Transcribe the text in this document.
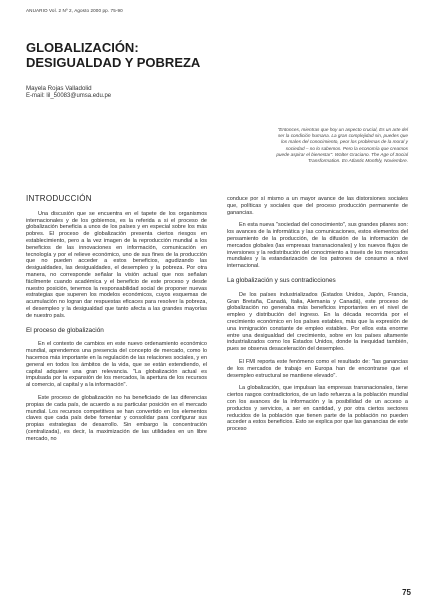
ANUARIO Vol. 2 Nº 2, Agosto 2000 pp. 75-90
GLOBALIZACIÓN:
DESIGUALDAD Y POBREZA
Mayela Rojas Valladolid
E-mail: lil_50083@umsa.edu.pe
"Entonces, mientras que hoy un aspecto crucial, Es un arte del ser la condición humana. La gran complejidad sin, puedes que los males del conocimiento, peor los problemas de la moral y sociedad – no lo sabemos. Pero la economía que creamos puede aspirar el bienestar". Walter Graciano. The Age of Social Transformation. En Atlantic Monthly, Noviembre.
INTRODUCCIÓN

Una discusión que se encuentra en el tapete de los organismos internacionales y de los gobiernos, es la referida a si el proceso de globalización beneficia a unos de los países y en especial sobre los más pobres. El proceso de globalización presenta ciertos riesgos en establecimiento, pero a la vez imagen de la reproducción mundial a los beneficios de las innovaciones en información, comunicación en tecnología y por el relieve económico, uno de sus fines de la producción que no pueden acceder a estos beneficios, agudizando las desigualdades, las desigualdades, el desempleo y la pobreza. Por otra manera, no corresponde señalar la visión actual que nos señalan fácilmente cuando académica y el beneficio de este proceso y desde nuestro posición, tenemos la responsabilidad social de proponer nuevas estrategias que superen los modelos económicos, cuyos esquemas de acumulación no logran dar respuestas eficaces para resolver la pobreza, el desempleo y la desigualdad que tanto afecta a las grandes mayorías de nuestro país.

El proceso de globalización

En el contexto de cambios en este nuevo ordenamiento económico mundial, aprendemos una presencia del concepto de mercado, como lo hacemos más importante en la regulación de las relaciones sociales, y en general en todos los ámbitos de la vida, que se están extendiendo, el capital adquiere una gran relevancia. "La globalización actual es impulsada por la expansión de los mercados, la apertura de los recursos al comercio, al capital y a la información".

Este proceso de globalización no ha beneficiado de las diferencias propias de cada país, de acuerdo a su particular posición en el mercado mundial. Los recursos competitivos se han convertido en los elementos claves que cada país debe fomentar y consolidar para configurar sus propias estrategias de desarrollo. Sin embargo la concentración (centralizada), es decir, la maximización de las utilidades en un libre mercado, no

conduce por sí mismo a un mayor avance de las distorsiones sociales que, políticas y sociales que del proceso producción permanente de ganancias.

En esta nueva "sociedad del conocimiento", sus grandes pilares son: los avances de la informática y las comunicaciones, estos elementos del pensamiento de la producción, de la difusión de la información de mercados globales (las empresas transnacionales) y los nuevos flujos de inversiones y la redistribución del conocimiento a través de los mercados mundiales y la estandarización de los patrones de consumo a nivel internacional.

La globalización y sus contradicciones

De los países industrializados (Estados Unidos, Japón, Francia, Gran Bretaña, Canadá, Italia, Alemania y Canadá), este proceso de globalización no generaba más beneficios importantes en el nivel de empleo y distribución del ingreso. En la década recorrida por el crecimiento económico en los países estables, más que la expresión de una inmigración constante de empleo estables. Por ellos esta enorme entre una desigualdad del crecimiento, sobre en los países altamente industrializados como los Estados Unidos, donde la inequidad también, pues se observa desaceleración del desempleo.

El FMI reporta este fenómeno como el resultado de: "las ganancias de los mercados de trabajo en Europa han de encontrarse que el desempleo estructural se mantiene elevado".

La globalización, que impulsan las empresas transnacionales, tiene ciertos rasgos contradictorios, de un lado refuerza a la población mundial con los avances de la información y la posibilidad de un acceso a productos y servicios, a ser en cantidad, y por otra ciertos sectores reducidos de la población que tienen parte de la población no pueden acceder a estos beneficios. Esto se explica por que las ganancias de este proceso

75
